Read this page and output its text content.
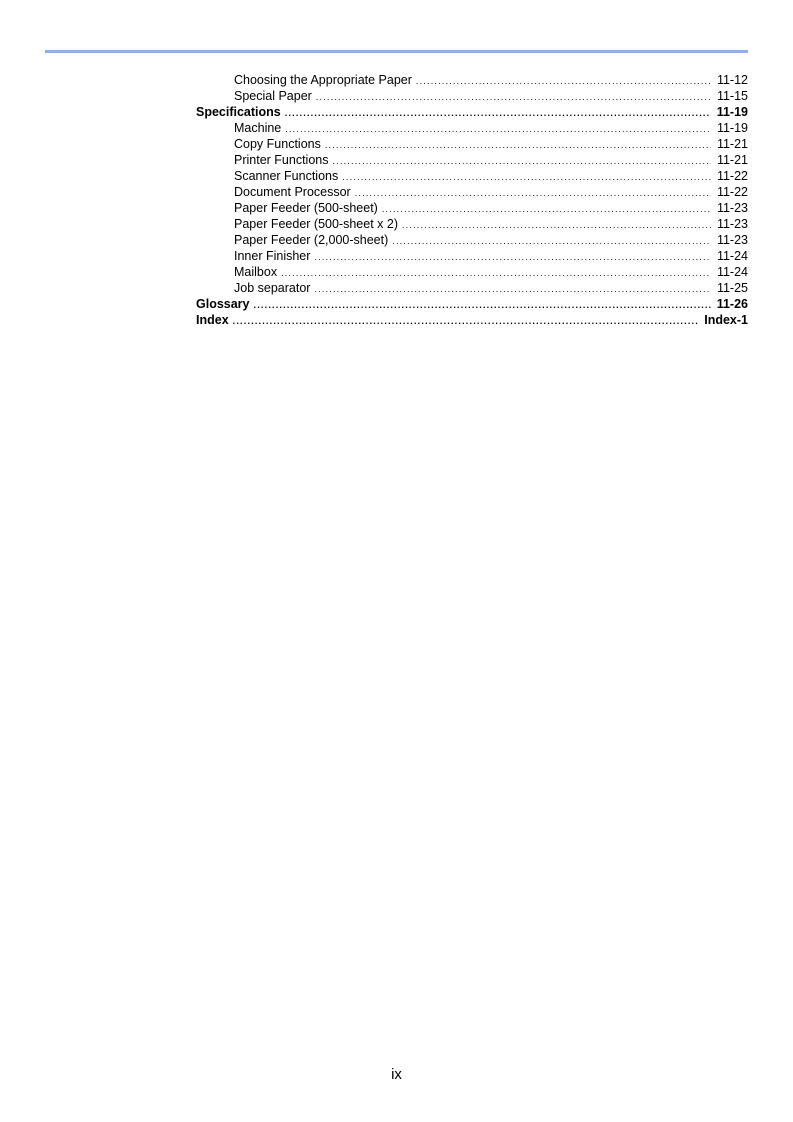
Choosing the Appropriate Paper .....	11-12
Special Paper .....	11-15
Specifications .....	11-19
Machine .....	11-19
Copy Functions .....	11-21
Printer Functions .....	11-21
Scanner Functions .....	11-22
Document Processor .....	11-22
Paper Feeder (500-sheet) .....	11-23
Paper Feeder (500-sheet x 2) .....	11-23
Paper Feeder (2,000-sheet) .....	11-23
Inner Finisher .....	11-24
Mailbox .....	11-24
Job separator .....	11-25
Glossary .....	11-26
Index .....	Index-1
ix
